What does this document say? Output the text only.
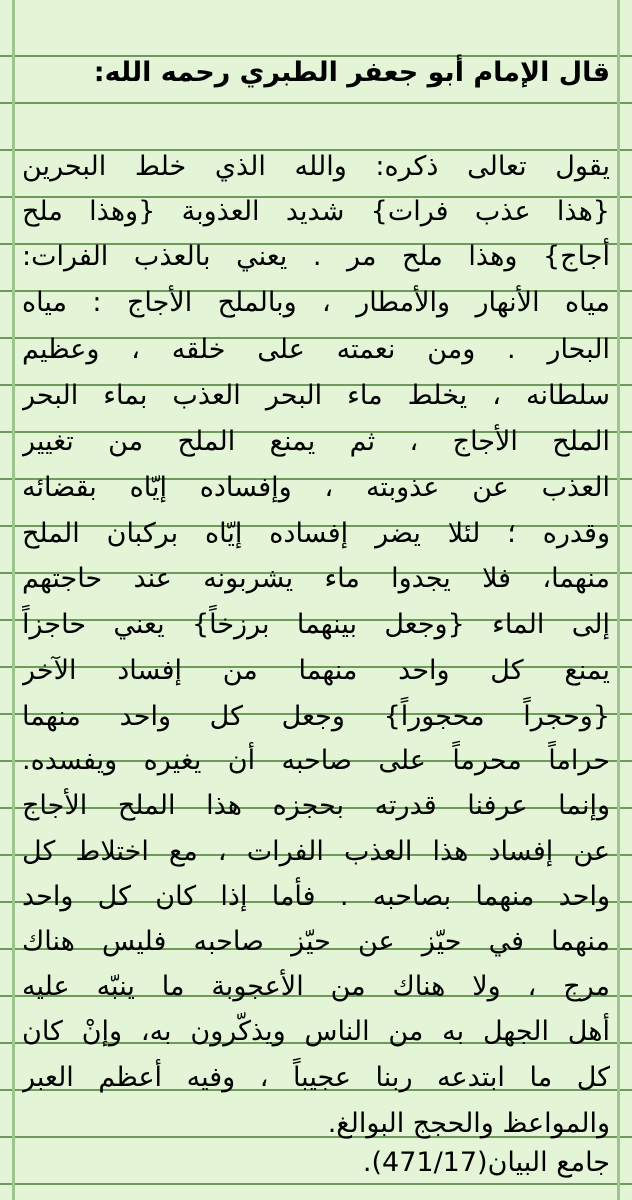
قال الإمام أبو جعفر الطبري رحمه الله:
يقول تعالى ذكره: والله الذي خلط البحرين
{هذا عذب فرات} شديد العذوبة {وهذا ملح
أجاج} وهذا ملح مر . يعني بالعذب الفرات:
مياه الأنهار والأمطار ، وبالملح الأجاج : مياه
البحار . ومن نعمته على خلقه ، وعظيم
سلطانه ، يخلط ماء البحر العذب بماء البحر
الملح الأجاج ، ثم يمنع الملح من تغيير
العذب عن عذوبته ، وإفساده إيّاه بقضائه
وقدره ؛ لئلا يضر إفساده إيّاه بركبان الملح
منهما، فلا يجدوا ماء يشربونه عند حاجتهم
إلى الماء {وجعل بينهما برزخاً} يعني حاجزاً
يمنع كل واحد منهما من إفساد الآخر
{وحجراً محجوراً} وجعل كل واحد منهما
حراماً محرماً على صاحبه أن يغيره ويفسده.
وإنما عرفنا قدرته بحجزه هذا الملح الأجاج
عن إفساد هذا العذب الفرات ، مع اختلاط كل
واحد منهما بصاحبه . فأما إذا كان كل واحد
منهما في حيّز عن حيّز صاحبه فليس هناك
مرج ، ولا هناك من الأعجوبة ما ينبّه عليه
أهل الجهل به من الناس ويذكّرون به، وإنْ كان
كل ما ابتدعه ربنا عجيباً ، وفيه أعظم العبر
والمواعظ والحجج البوالغ.
جامع البيان(471/17).
